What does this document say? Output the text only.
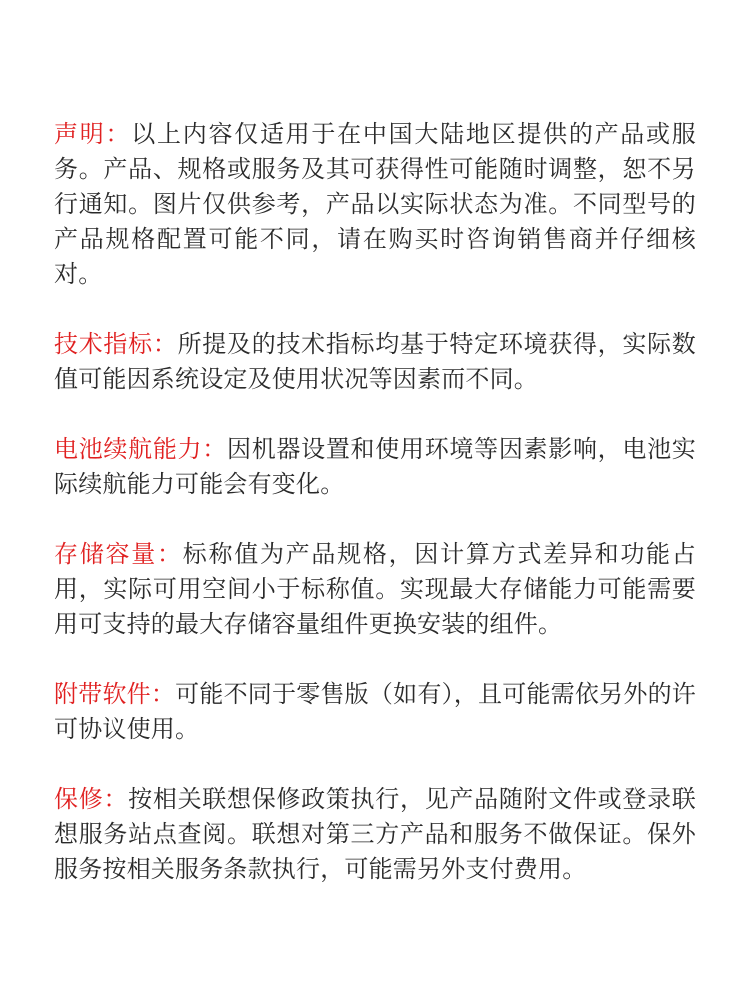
声明：以上内容仅适用于在中国大陆地区提供的产品或服务。产品、规格或服务及其可获得性可能随时调整，恕不另行通知。图片仅供参考，产品以实际状态为准。不同型号的产品规格配置可能不同，请在购买时咨询销售商并仔细核对。

技术指标：所提及的技术指标均基于特定环境获得，实际数值可能因系统设定及使用状况等因素而不同。

电池续航能力：因机器设置和使用环境等因素影响，电池实际续航能力可能会有变化。

存储容量：标称值为产品规格，因计算方式差异和功能占用，实际可用空间小于标称值。实现最大存储能力可能需要用可支持的最大存储容量组件更换安装的组件。

附带软件：可能不同于零售版（如有），且可能需依另外的许可协议使用。

保修：按相关联想保修政策执行，见产品随附文件或登录联想服务站点查阅。联想对第三方产品和服务不做保证。保外服务按相关服务条款执行，可能需另外支付费用。
